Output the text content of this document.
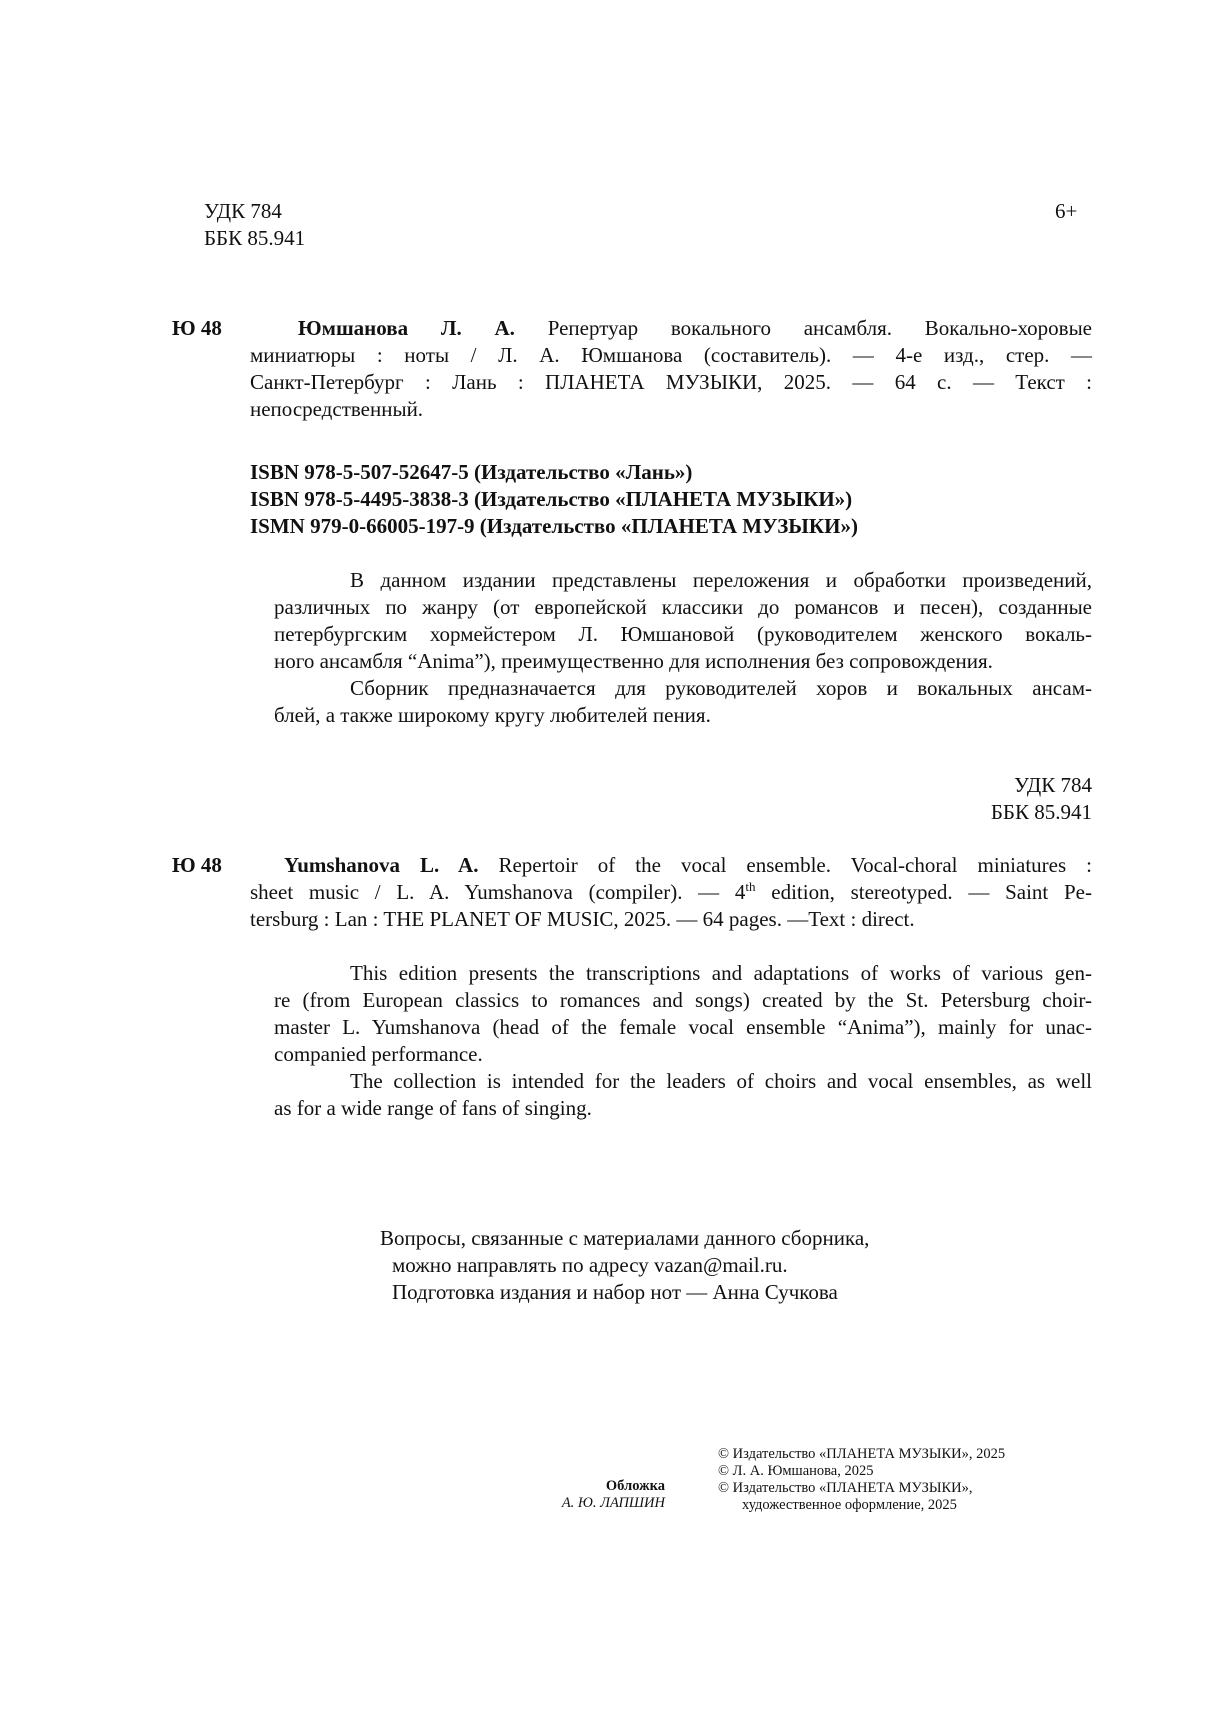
УДК 784
ББК 85.941
6+
Ю 48	Юмшанова Л. А. Репертуар вокального ансамбля. Вокально-хоровые
миниатюры : ноты / Л. А. Юмшанова (составитель). — 4-е изд., стер. —
Санкт-Петербург : Лань : ПЛАНЕТА МУЗЫКИ, 2025. — 64 с. — Текст :
непосредственный.
ISBN 978-5-507-52647-5 (Издательство «Лань»)
ISBN 978-5-4495-3838-3 (Издательство «ПЛАНЕТА МУЗЫКИ»)
ISMN 979-0-66005-197-9 (Издательство «ПЛАНЕТА МУЗЫКИ»)
В данном издании представлены переложения и обработки произведений,
различных по жанру (от европейской классики до романсов и песен), созданные
петербургским хормейстером Л. Юмшановой (руководителем женского вокаль-
ного ансамбля “Anima”), преимущественно для исполнения без сопровождения.
Сборник предназначается для руководителей хоров и вокальных ансам-
блей, а также широкому кругу любителей пения.
УДК 784
ББК 85.941
Ю 48	Yumshanova L. A. Repertoir of the vocal ensemble. Vocal-choral miniatures :
sheet music / L. A. Yumshanova (compiler). — 4th edition, stereotyped. — Saint Pe-
tersburg : Lan : THE PLANET OF MUSIC, 2025. — 64 pages. —Text : direct.
This edition presents the transcriptions and adaptations of works of various gen-
re (from European classics to romances and songs) created by the St. Petersburg choir-
master L. Yumshanova (head of the female vocal ensemble “Anima”), mainly for unac-
companied performance.
The collection is intended for the leaders of choirs and vocal ensembles, as well
as for a wide range of fans of singing.
Вопросы, связанные с материалами данного сборника,
можно направлять по адресу vazan@mail.ru.
Подготовка издания и набор нот — Анна Сучкова
Обложка
А. Ю. ЛАПШИН
© Издательство «ПЛАНЕТА МУЗЫКИ», 2025
© Л. А. Юмшанова, 2025
© Издательство «ПЛАНЕТА МУЗЫКИ»,
художественное оформление, 2025
